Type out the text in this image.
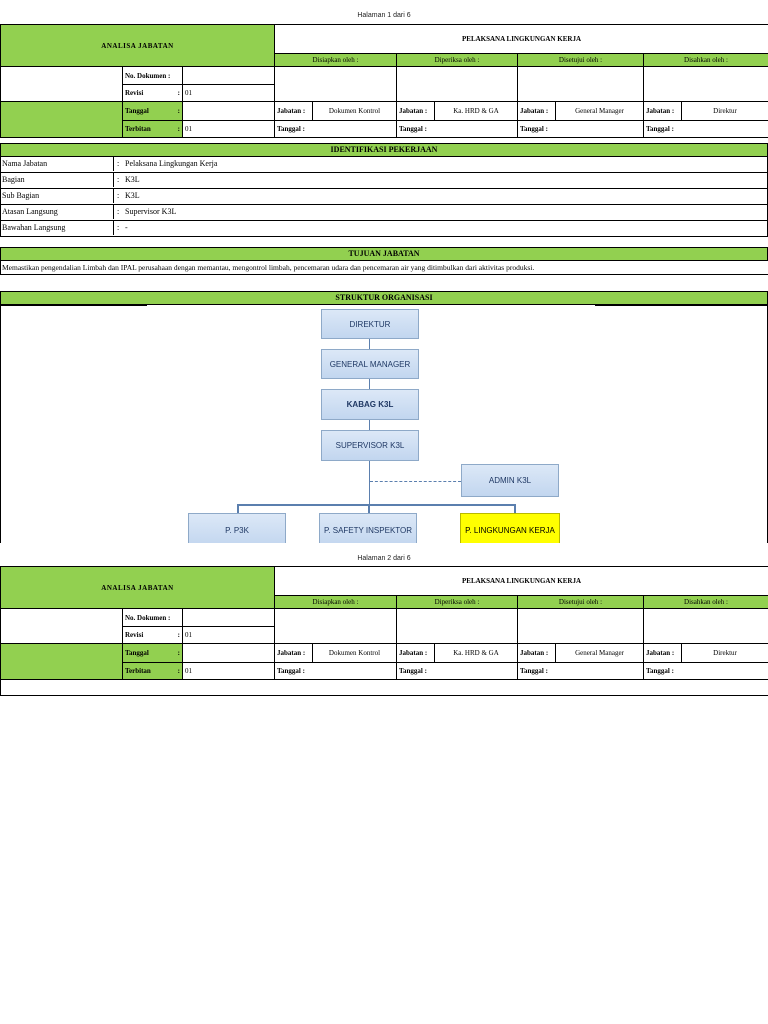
Halaman 1 dari 6
ANALISA JABATAN			PELAKSANA LINGKUNGAN KERJA							
			Disiapkan oleh :		Diperiksa oleh :		Disetujui oleh :		Disahkan oleh :	
	No. Dokumen :									
	Revisi :	01								
	Tanggal :		Jabatan :	Dokumen Kontrol	Jabatan :	Ka. HRD & GA	Jabatan :	General Manager	Jabatan :	Direktur
	Terbitan :	01	Tanggal :		Tanggal :		Tanggal :		Tanggal :	
IDENTIFIKASI PEKERJAAN
Nama Jabatan	: Pelaksana Lingkungan Kerja
Bagian	: K3L
Sub Bagian	: K3L
Atasan Langsung	: Supervisor K3L
Bawahan Langsung	: -
TUJUAN JABATAN
Memastikan pengendalian Limbah dan IPAL perusahaan dengan memantau, mengontrol limbah, pencemaran udara dan pencemaran air yang ditimbulkan dari aktivitas produksi.
STRUKTUR ORGANISASI
DIREKTUR
GENERAL MANAGER
KABAG K3L
SUPERVISOR K3L
ADMIN K3L
P. P3K	P. SAFETY INSPEKTOR	P. LINGKUNGAN KERJA
Halaman 2 dari 6
ANALISA JABATAN			PELAKSANA LINGKUNGAN KERJA							
			Disiapkan oleh :		Diperiksa oleh :		Disetujui oleh :		Disahkan oleh :	
	No. Dokumen :									
	Revisi :	01								
	Tanggal :		Jabatan :	Dokumen Kontrol	Jabatan :	Ka. HRD & GA	Jabatan :	General Manager	Jabatan :	Direktur
	Terbitan :	01	Tanggal :		Tanggal :		Tanggal :		Tanggal :	
